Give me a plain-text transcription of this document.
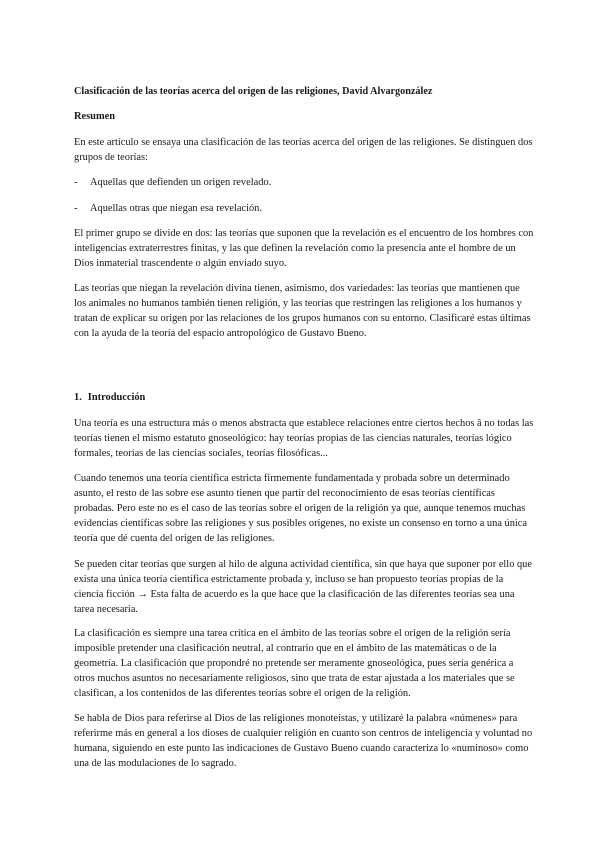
Clasificación de las teorías acerca del origen de las religiones, David Alvargonzález

Resumen

En este artículo se ensaya una clasificación de las teorías acerca del origen de las religiones. Se distinguen dos grupos de teorías:

- Aquellas que defienden un origen revelado.
- Aquellas otras que niegan esa revelación.

El primer grupo se divide en dos: las teorías que suponen que la revelación es el encuentro de los hombres con inteligencias extraterrestres finitas, y las que definen la revelación como la presencia ante el hombre de un Dios inmaterial trascendente o algún enviado suyo.

Las teorías que niegan la revelación divina tienen, asimismo, dos variedades: las teorías que mantienen que los animales no humanos también tienen religión, y las teorías que restringen las religiones a los humanos y tratan de explicar su origen por las relaciones de los grupos humanos con su entorno. Clasificaré estas últimas con la ayuda de la teoría del espacio antropológico de Gustavo Bueno.

1. Introducción

Una teoría es una estructura más o menos abstracta que establece relaciones entre ciertos hechos â no todas las teorías tienen el mismo estatuto gnoseológico: hay teorías propias de las ciencias naturales, teorías lógico formales, teorías de las ciencias sociales, teorías filosóficas...

Cuando tenemos una teoría científica estricta firmemente fundamentada y probada sobre un determinado asunto, el resto de las sobre ese asunto tienen que partir del reconocimiento de esas teorías científicas probadas. Pero este no es el caso de las teorías sobre el origen de la religión ya que, aunque tenemos muchas evidencias científicas sobre las religiones y sus posibles orígenes, no existe un consenso en torno a una única teoría que dé cuenta del origen de las religiones.

Se pueden citar teorías que surgen al hilo de alguna actividad científica, sin que haya que suponer por ello que exista una única teoría científica estrictamente probada y, incluso se han propuesto teorías propias de la ciencia ficción → Esta falta de acuerdo es la que hace que la clasificación de las diferentes teorías sea una tarea necesaria.

La clasificación es siempre una tarea crítica en el ámbito de las teorías sobre el origen de la religión sería imposible pretender una clasificación neutral, al contrario que en el ámbito de las matemáticas o de la geometría. La clasificación que propondré no pretende ser meramente gnoseológica, pues sería genérica a otros muchos asuntos no necesariamente religiosos, sino que trata de estar ajustada a los materiales que se clasifican, a los contenidos de las diferentes teorías sobre el origen de la religión.

Se habla de Dios para referirse al Dios de las religiones monoteístas, y utilizaré la palabra «númenes» para referirme más en general a los dioses de cualquier religión en cuanto son centros de inteligencia y voluntad no humana, siguiendo en este punto las indicaciones de Gustavo Bueno cuando caracteriza lo «numinoso» como una de las modulaciones de lo sagrado.
